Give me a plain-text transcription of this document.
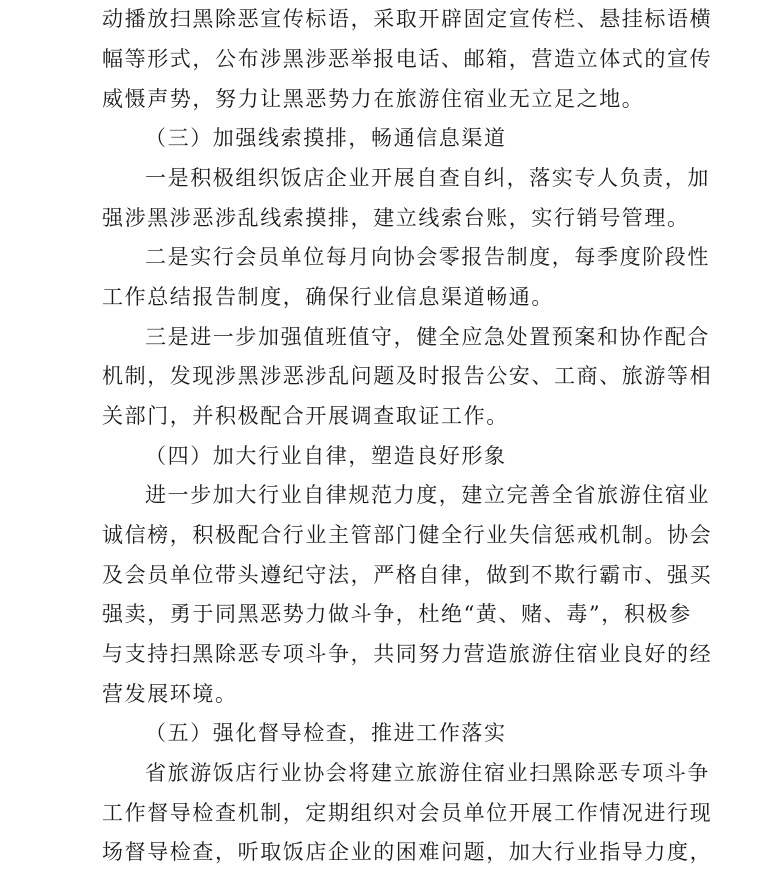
动播放扫黑除恶宣传标语，采取开辟固定宣传栏、悬挂标语横
幅等形式，公布涉黑涉恶举报电话、邮箱，营造立体式的宣传
威慑声势，努力让黑恶势力在旅游住宿业无立足之地。
（三）加强线索摸排，畅通信息渠道
一是积极组织饭店企业开展自查自纠，落实专人负责，加
强涉黑涉恶涉乱线索摸排，建立线索台账，实行销号管理。
二是实行会员单位每月向协会零报告制度，每季度阶段性
工作总结报告制度，确保行业信息渠道畅通。
三是进一步加强值班值守，健全应急处置预案和协作配合
机制，发现涉黑涉恶涉乱问题及时报告公安、工商、旅游等相
关部门，并积极配合开展调查取证工作。
（四）加大行业自律，塑造良好形象
进一步加大行业自律规范力度，建立完善全省旅游住宿业
诚信榜，积极配合行业主管部门健全行业失信惩戒机制。协会
及会员单位带头遵纪守法，严格自律，做到不欺行霸市、强买
强卖，勇于同黑恶势力做斗争，杜绝“黄、赌、毒”，积极参
与支持扫黑除恶专项斗争，共同努力营造旅游住宿业良好的经
营发展环境。
（五）强化督导检查，推进工作落实
省旅游饭店行业协会将建立旅游住宿业扫黑除恶专项斗争
工作督导检查机制，定期组织对会员单位开展工作情况进行现
场督导检查，听取饭店企业的困难问题，加大行业指导力度，
